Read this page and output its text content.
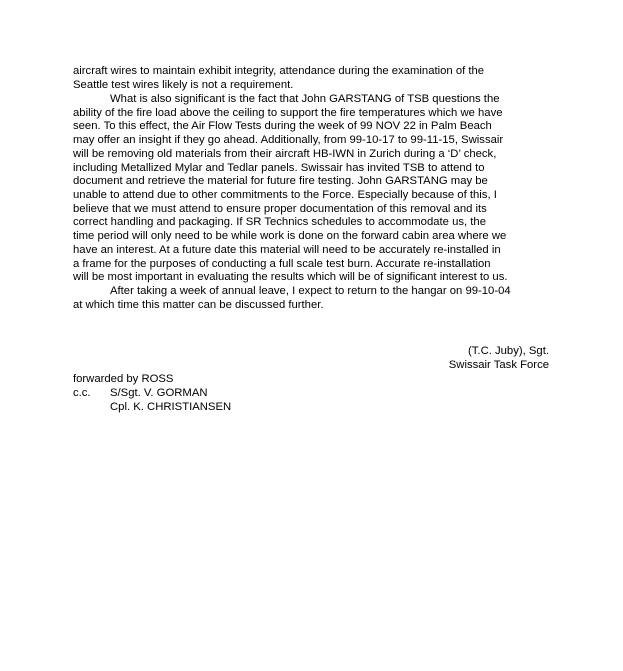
aircraft wires to maintain exhibit integrity, attendance during the examination of the
Seattle test wires likely is not a requirement.
What is also significant is the fact that John GARSTANG of TSB questions the
ability of the fire load above the ceiling to support the fire temperatures which we have
seen. To this effect, the Air Flow Tests during the week of 99 NOV 22 in Palm Beach
may offer an insight if they go ahead. Additionally, from 99-10-17 to 99-11-15, Swissair
will be removing old materials from their aircraft HB-IWN in Zurich during a ‘D’ check,
including Metallized Mylar and Tedlar panels. Swissair has invited TSB to attend to
document and retrieve the material for future fire testing. John GARSTANG may be
unable to attend due to other commitments to the Force. Especially because of this, I
believe that we must attend to ensure proper documentation of this removal and its
correct handling and packaging. If SR Technics schedules to accommodate us, the
time period will only need to be while work is done on the forward cabin area where we
have an interest. At a future date this material will need to be accurately re-installed in
a frame for the purposes of conducting a full scale test burn. Accurate re-installation
will be most important in evaluating the results which will be of significant interest to us.
After taking a week of annual leave, I expect to return to the hangar on 99-10-04
at which time this matter can be discussed further.
(T.C. Juby), Sgt.
Swissair Task Force
forwarded by ROSS
c.c. S/Sgt. V. GORMAN
Cpl. K. CHRISTIANSEN
